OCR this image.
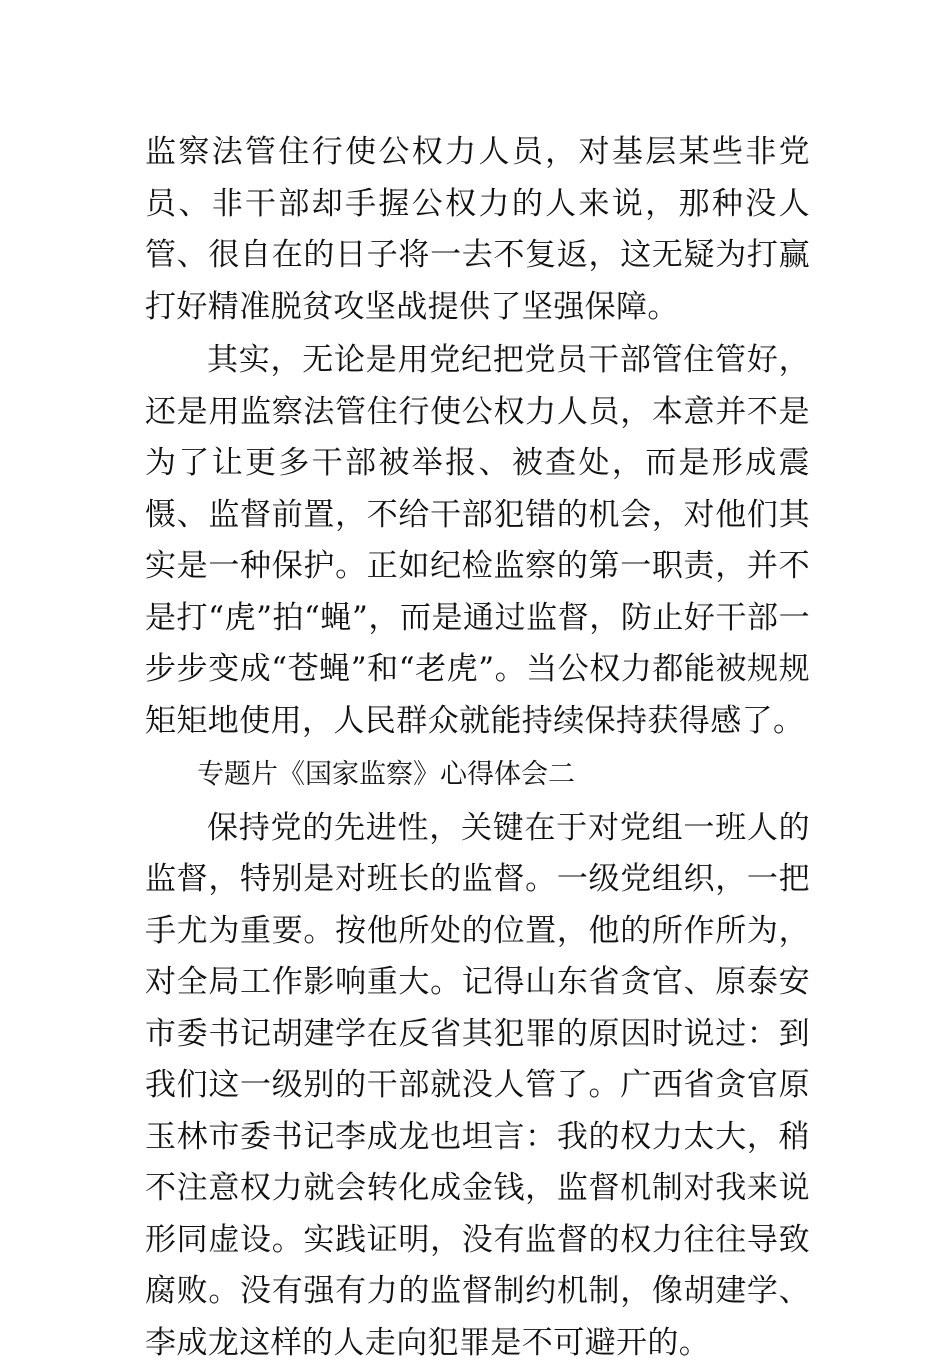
监察法管住行使公权力人员，对基层某些非党员、非干部却手握公权力的人来说，那种没人管、很自在的日子将一去不复返，这无疑为打赢打好精准脱贫攻坚战提供了坚强保障。

其实，无论是用党纪把党员干部管住管好，还是用监察法管住行使公权力人员，本意并不是为了让更多干部被举报、被查处，而是形成震慑、监督前置，不给干部犯错的机会，对他们其实是一种保护。正如纪检监察的第一职责，并不是打“虎”拍“蝇”，而是通过监督，防止好干部一步步变成“苍蝇”和“老虎”。当公权力都能被规规矩矩地使用，人民群众就能持续保持获得感了。

专题片《国家监察》心得体会二

保持党的先进性，关键在于对党组一班人的监督，特别是对班长的监督。一级党组织，一把手尤为重要。按他所处的位置，他的所作所为，对全局工作影响重大。记得山东省贪官、原泰安市委书记胡建学在反省其犯罪的原因时说过：到我们这一级别的干部就没人管了。广西省贪官原玉林市委书记李成龙也坦言：我的权力太大，稍不注意权力就会转化成金钱，监督机制对我来说形同虚设。实践证明，没有监督的权力往往导致腐败。没有强有力的监督制约机制，像胡建学、李成龙这样的人走向犯罪是不可避开的。
